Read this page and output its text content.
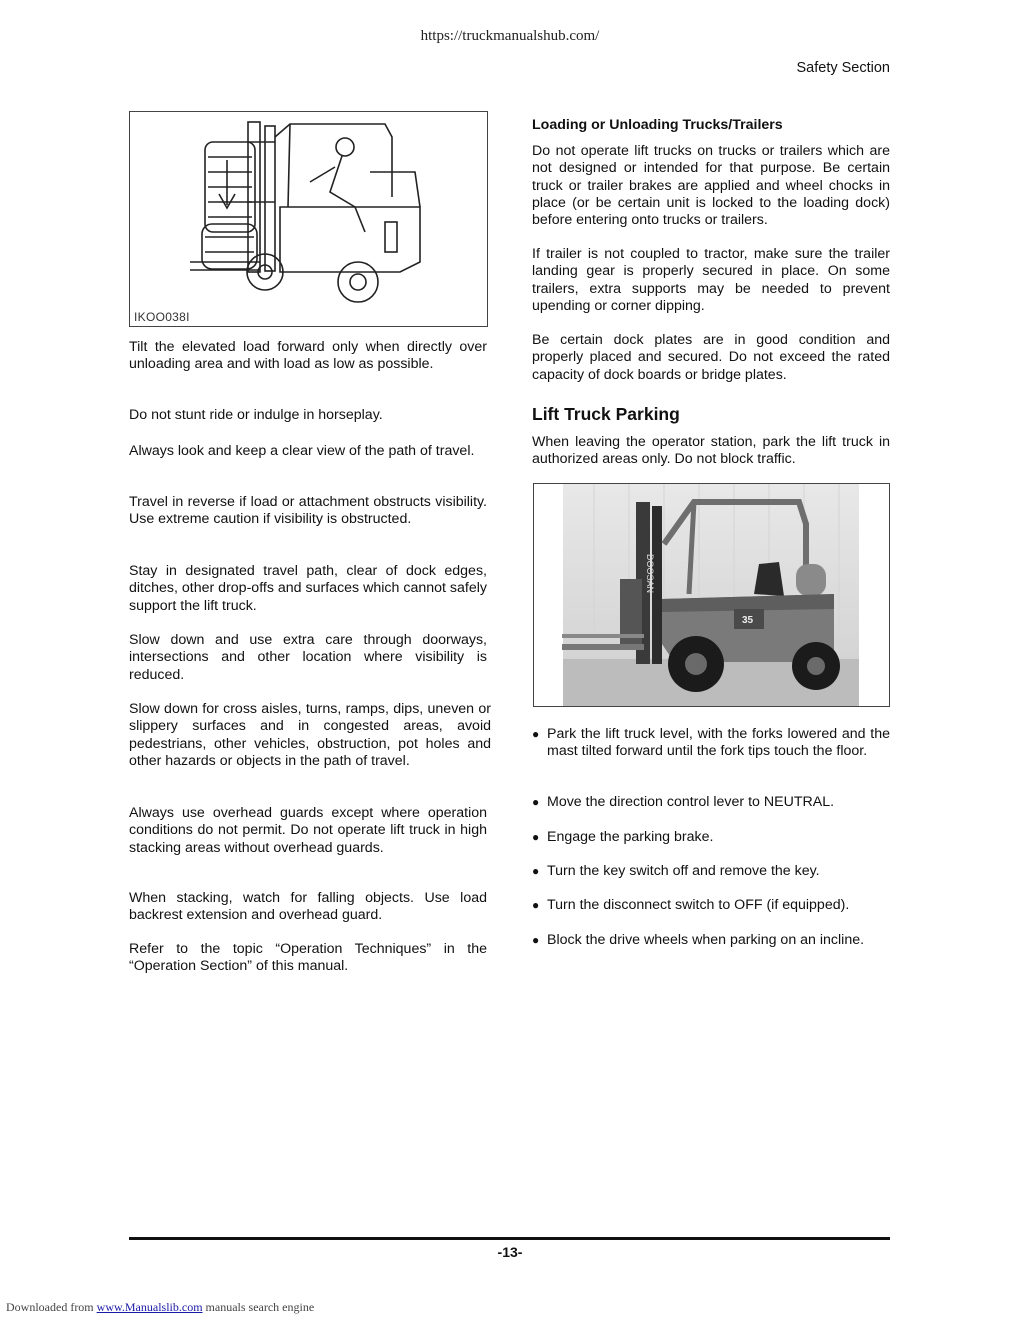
https://truckmanualshub.com/
Safety Section
IKOO038I

Tilt the elevated load forward only when directly over unloading area and with load as low as possible.

Do not stunt ride or indulge in horseplay.

Always look and keep a clear view of the path of travel.

Travel in reverse if load or attachment obstructs visibility. Use extreme caution if visibility is obstructed.

Stay in designated travel path, clear of dock edges, ditches, other drop-offs and surfaces which cannot safely support the lift truck.

Slow down and use extra care through doorways, intersections and other location where visibility is reduced.

Slow down for cross aisles, turns, ramps, dips, uneven or slippery surfaces and in congested areas, avoid pedestrians, other vehicles, obstruction, pot holes and other hazards or objects in the path of travel.

Always use overhead guards except where operation conditions do not permit. Do not operate lift truck in high stacking areas without overhead guards.

When stacking, watch for falling objects. Use load backrest extension and overhead guard.

Refer to the topic “Operation Techniques” in the “Operation Section” of this manual.

Loading or Unloading Trucks/Trailers

Do not operate lift trucks on trucks or trailers which are not designed or intended for that purpose. Be certain truck or trailer brakes are applied and wheel chocks in place (or be certain unit is locked to the loading dock) before entering onto trucks or trailers.

If trailer is not coupled to tractor, make sure the trailer landing gear is properly secured in place. On some trailers, extra supports may be needed to prevent upending or corner dipping.

Be certain dock plates are in good condition and properly placed and secured. Do not exceed the rated capacity of dock boards or bridge plates.

Lift Truck Parking

When leaving the operator station, park the lift truck in authorized areas only. Do not block traffic.

DOOSAN
35
● Park the lift truck level, with the forks lowered and the mast tilted forward until the fork tips touch the floor.
● Move the direction control lever to NEUTRAL.
● Engage the parking brake.
● Turn the key switch off and remove the key.
● Turn the disconnect switch to OFF (if equipped).
● Block the drive wheels when parking on an incline.
-13-
Downloaded from www.Manualslib.com manuals search engine
